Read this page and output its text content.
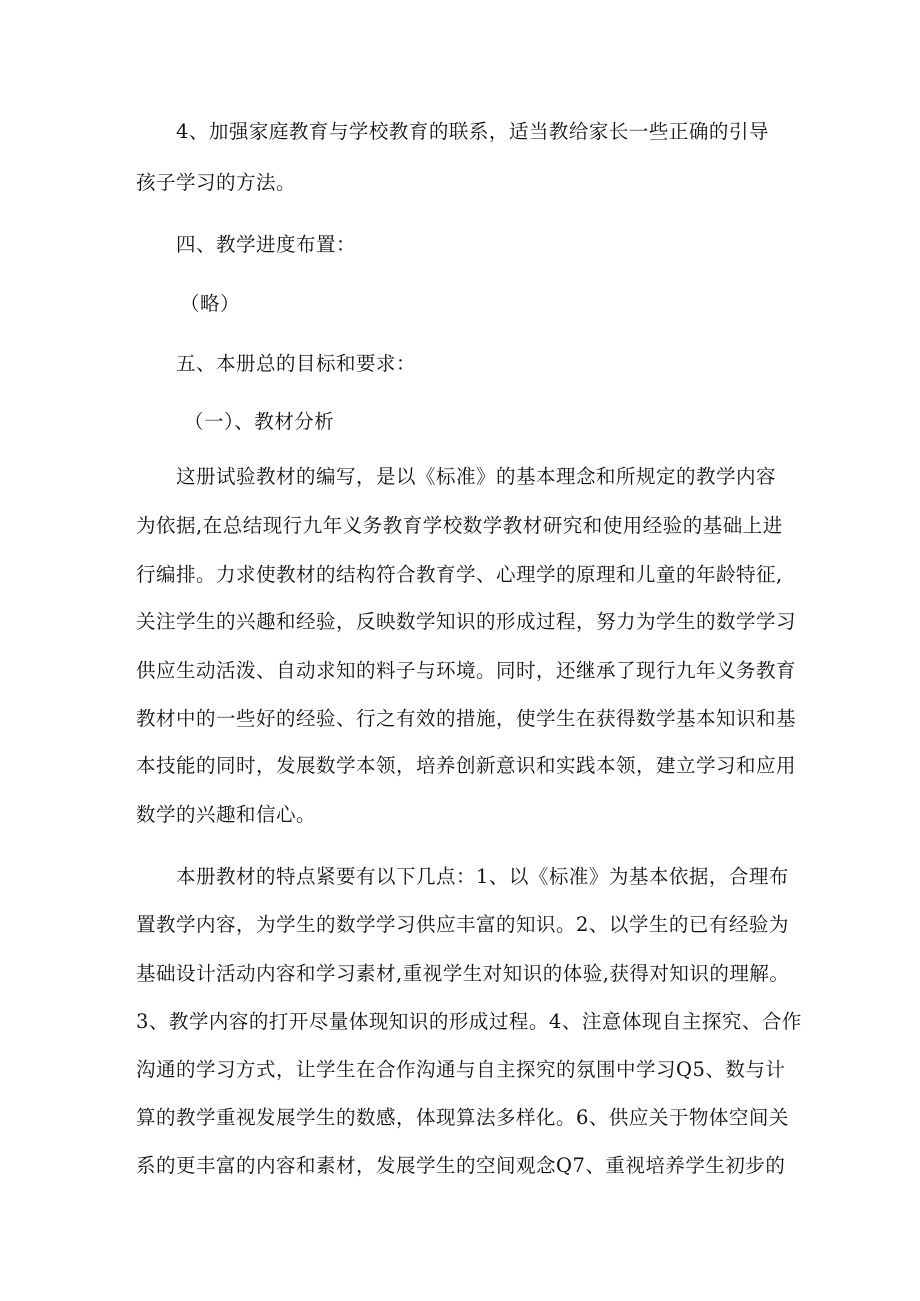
4、加强家庭教育与学校教育的联系，适当教给家长一些正确的引导
孩子学习的方法。
四、教学进度布置：
（略）
五、本册总的目标和要求：
（一）、教材分析
这册试验教材的编写，是以《标准》的基本理念和所规定的教学内容
为依据,在总结现行九年义务教育学校数学教材研究和使用经验的基础上进
行编排。力求使教材的结构符合教育学、心理学的原理和儿童的年龄特征,
关注学生的兴趣和经验，反映数学知识的形成过程，努力为学生的数学学习
供应生动活泼、自动求知的料子与环境。同时，还继承了现行九年义务教育
教材中的一些好的经验、行之有效的措施，使学生在获得数学基本知识和基
本技能的同时，发展数学本领，培养创新意识和实践本领，建立学习和应用
数学的兴趣和信心。
本册教材的特点紧要有以下几点：1、以《标准》为基本依据，合理布
置教学内容，为学生的数学学习供应丰富的知识。2、以学生的已有经验为
基础设计活动内容和学习素材,重视学生对知识的体验,获得对知识的理解。
3、教学内容的打开尽量体现知识的形成过程。4、注意体现自主探究、合作
沟通的学习方式，让学生在合作沟通与自主探究的氛围中学习Q5、数与计
算的教学重视发展学生的数感，体现算法多样化。6、供应关于物体空间关
系的更丰富的内容和素材，发展学生的空间观念Q7、重视培养学生初步的
